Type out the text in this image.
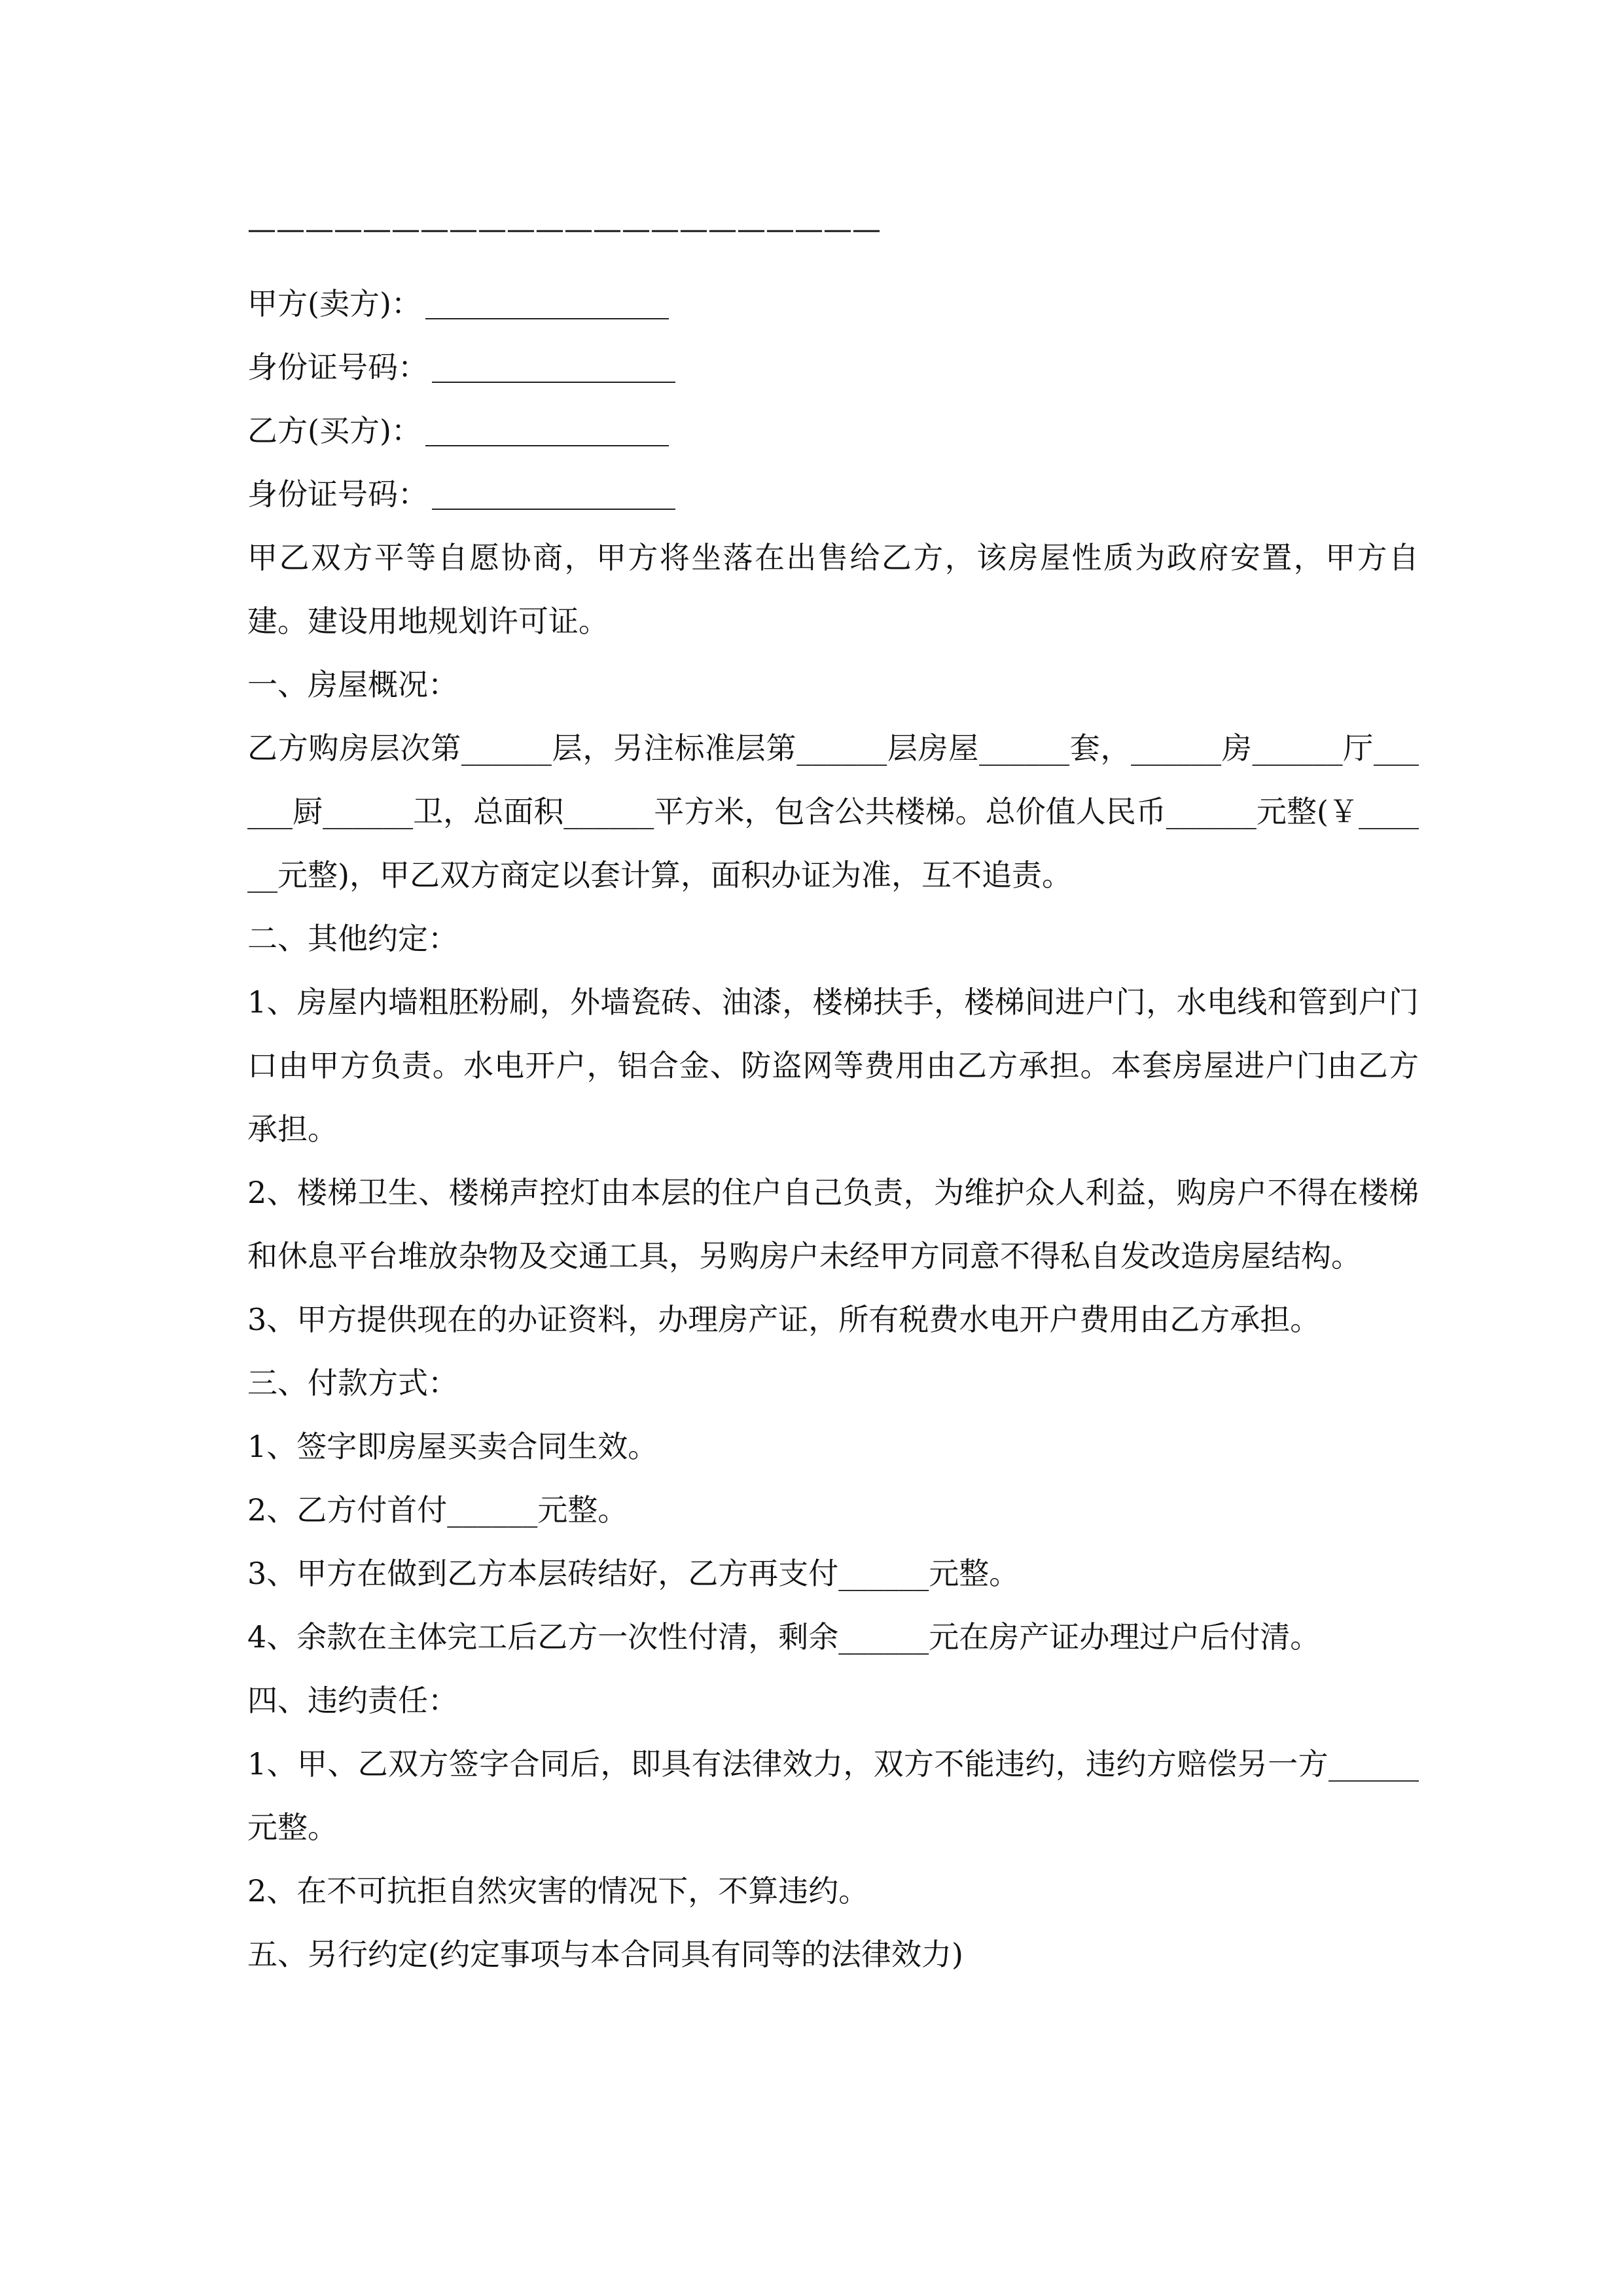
——————————————————————
甲方(卖方)：
身份证号码：
乙方(买方)：
身份证号码：

甲乙双方平等自愿协商，甲方将坐落在出售给乙方，该房屋性质为政府安置，甲方自建。建设用地规划许可证。

一、房屋概况：

乙方购房层次第______层，另注标准层第______层房屋______套，______房______厅______厨______卫，总面积______平方米，包含公共楼梯。总价值人民币______元整(￥______元整)，甲乙双方商定以套计算，面积办证为准，互不追责。

二、其他约定：

1、房屋内墙粗胚粉刷，外墙瓷砖、油漆，楼梯扶手，楼梯间进户门，水电线和管到户门口由甲方负责。水电开户，铝合金、防盗网等费用由乙方承担。本套房屋进户门由乙方承担。

2、楼梯卫生、楼梯声控灯由本层的住户自己负责，为维护众人利益，购房户不得在楼梯和休息平台堆放杂物及交通工具，另购房户未经甲方同意不得私自发改造房屋结构。

3、甲方提供现在的办证资料，办理房产证，所有税费水电开户费用由乙方承担。

三、付款方式：

1、签字即房屋买卖合同生效。

2、乙方付首付______元整。

3、甲方在做到乙方本层砖结好，乙方再支付______元整。

4、余款在主体完工后乙方一次性付清，剩余______元在房产证办理过户后付清。

四、违约责任：

1、甲、乙双方签字合同后，即具有法律效力，双方不能违约，违约方赔偿另一方______元整。

2、在不可抗拒自然灾害的情况下，不算违约。

五、另行约定(约定事项与本合同具有同等的法律效力)
